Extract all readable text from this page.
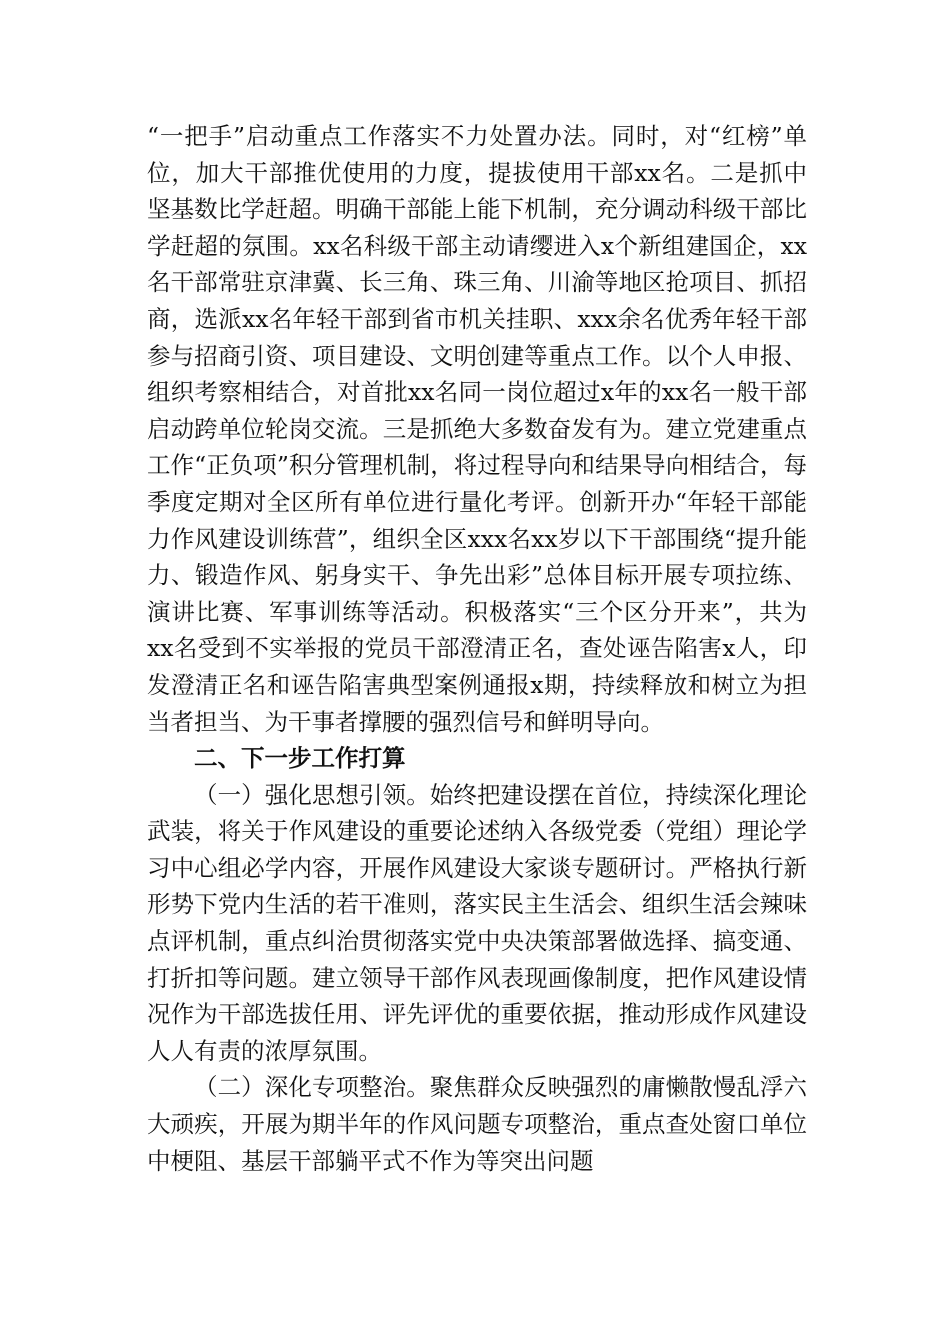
“一把手”启动重点工作落实不力处置办法。同时，对“红榜”单位，加大干部推优使用的力度，提拔使用干部xx名。二是抓中坚基数比学赶超。明确干部能上能下机制，充分调动科级干部比学赶超的氛围。xx名科级干部主动请缨进入x个新组建国企，xx名干部常驻京津冀、长三角、珠三角、川渝等地区抢项目、抓招商，选派xx名年轻干部到省市机关挂职、xxx余名优秀年轻干部参与招商引资、项目建设、文明创建等重点工作。以个人申报、组织考察相结合，对首批xx名同一岗位超过x年的xx名一般干部启动跨单位轮岗交流。三是抓绝大多数奋发有为。建立党建重点工作“正负项”积分管理机制，将过程导向和结果导向相结合，每季度定期对全区所有单位进行量化考评。创新开办“年轻干部能力作风建设训练营”，组织全区xxx名xx岁以下干部围绕“提升能力、锻造作风、躬身实干、争先出彩”总体目标开展专项拉练、演讲比赛、军事训练等活动。积极落实“三个区分开来”，共为xx名受到不实举报的党员干部澄清正名，查处诬告陷害x人，印发澄清正名和诬告陷害典型案例通报x期，持续释放和树立为担当者担当、为干事者撑腰的强烈信号和鲜明导向。

二、下一步工作打算

（一）强化思想引领。始终把建设摆在首位，持续深化理论武装，将关于作风建设的重要论述纳入各级党委（党组）理论学习中心组必学内容，开展作风建设大家谈专题研讨。严格执行新形势下党内生活的若干准则，落实民主生活会、组织生活会辣味点评机制，重点纠治贯彻落实党中央决策部署做选择、搞变通、打折扣等问题。建立领导干部作风表现画像制度，把作风建设情况作为干部选拔任用、评先评优的重要依据，推动形成作风建设人人有责的浓厚氛围。

（二）深化专项整治。聚焦群众反映强烈的庸懒散慢乱浮六大顽疾，开展为期半年的作风问题专项整治，重点查处窗口单位中梗阻、基层干部躺平式不作为等突出问题
